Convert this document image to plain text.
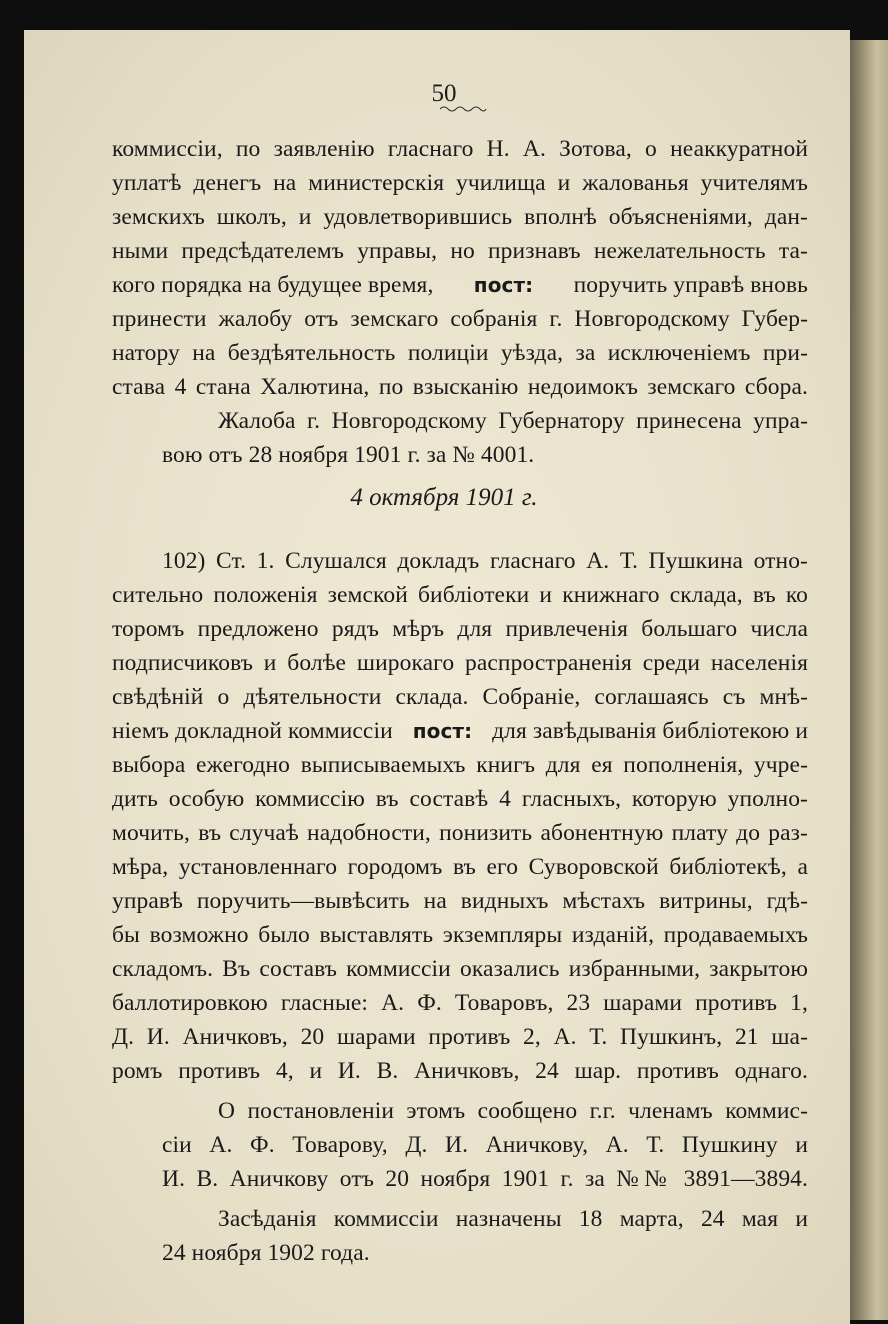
50
коммиссіи, по заявленію гласнаго Н. А. Зотова, о неаккуратной
уплатѣ денегъ на министерскія училища и жалованья учителямъ
земскихъ школъ, и удовлетворившись вполнѣ объясненіями, дан-
ными предсѣдателемъ управы, но признавъ нежелательность та-
кого порядка на будущее время, пост: поручить управѣ вновь
принести жалобу отъ земскаго собранія г. Новгородскому Губер-
натору на бездѣятельность полиціи уѣзда, за исключеніемъ при-
става 4 стана Халютина, по взысканію недоимокъ земскаго сбора.
Жалоба г. Новгородскому Губернатору принесена упра-
вою отъ 28 ноября 1901 г. за № 4001.
4 октября 1901 г.
102) Ст. 1. Слушался докладъ гласнаго А. Т. Пушкина отно-
сительно положенія земской библіотеки и книжнаго склада, въ ко
торомъ предложено рядъ мѣръ для привлеченія большаго числа
подписчиковъ и болѣе широкаго распространенія среди населенія
свѣдѣній о дѣятельности склада. Собраніе, соглашаясь съ мнѣ-
ніемъ докладной коммиссіи пост: для завѣдыванія библіотекою и
выбора ежегодно выписываемыхъ книгъ для ея пополненія, учре-
дить особую коммиссію въ составѣ 4 гласныхъ, которую уполно-
мочить, въ случаѣ надобности, понизить абонентную плату до раз-
мѣра, установленнаго городомъ въ его Суворовской библіотекѣ, а
управѣ поручить—вывѣсить на видныхъ мѣстахъ витрины, гдѣ-
бы возможно было выставлять экземпляры изданій, продаваемыхъ
складомъ. Въ составъ коммиссіи оказались избранными, закрытою
баллотировкою гласные: А. Ф. Товаровъ, 23 шарами противъ 1,
Д. И. Аничковъ, 20 шарами противъ 2, А. Т. Пушкинъ, 21 ша-
ромъ противъ 4, и И. В. Аничковъ, 24 шар. противъ однаго.
О постановленіи этомъ сообщено г.г. членамъ коммис-
сіи А. Ф. Товарову, Д. И. Аничкову, А. Т. Пушкину и
И. В. Аничкову отъ 20 ноября 1901 г. за №№ 3891—3894.
Засѣданія коммиссіи назначены 18 марта, 24 мая и
24 ноября 1902 года.
